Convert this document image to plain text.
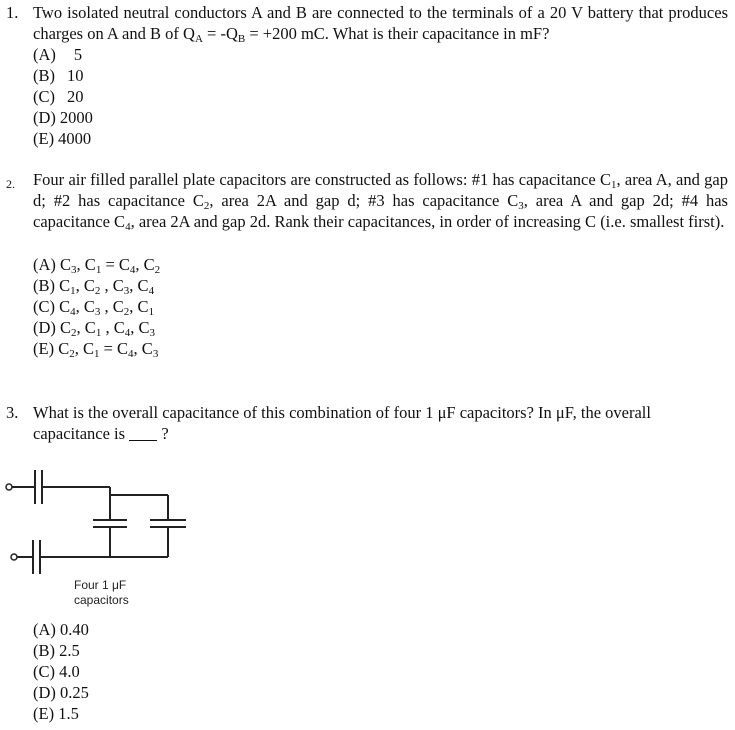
1. Two isolated neutral conductors A and B are connected to the terminals of a 20 V battery that produces charges on A and B of $Q_A = -Q_B = +200$ mC. What is their capacitance in mF?
(A) 5
(B) 10
(C) 20
(D) 2000
(E) 4000
2. Four air filled parallel plate capacitors are constructed as follows: #1 has capacitance $C_1$, area A, and gap d; #2 has capacitance $C_2$, area 2A and gap d; #3 has capacitance $C_3$, area A and gap 2d; #4 has capacitance $C_4$, area 2A and gap 2d. Rank their capacitances, in order of increasing C (i.e. smallest first).
(A) $C_3$, $C_1 = C_4$, $C_2$
(B) $C_1$, $C_2$ , $C_3$, $C_4$
(C) $C_4$, $C_3$ , $C_2$, $C_1$
(D) $C_2$, $C_1$ , $C_4$, $C_3$
(E) $C_2$, $C_1 = C_4$, $C_3$
3. What is the overall capacitance of this combination of four 1 μF capacitors? In μF, the overall capacitance is ?
Four 1 μF
capacitors
(A) 0.40
(B) 2.5
(C) 4.0
(D) 0.25
(E) 1.5
